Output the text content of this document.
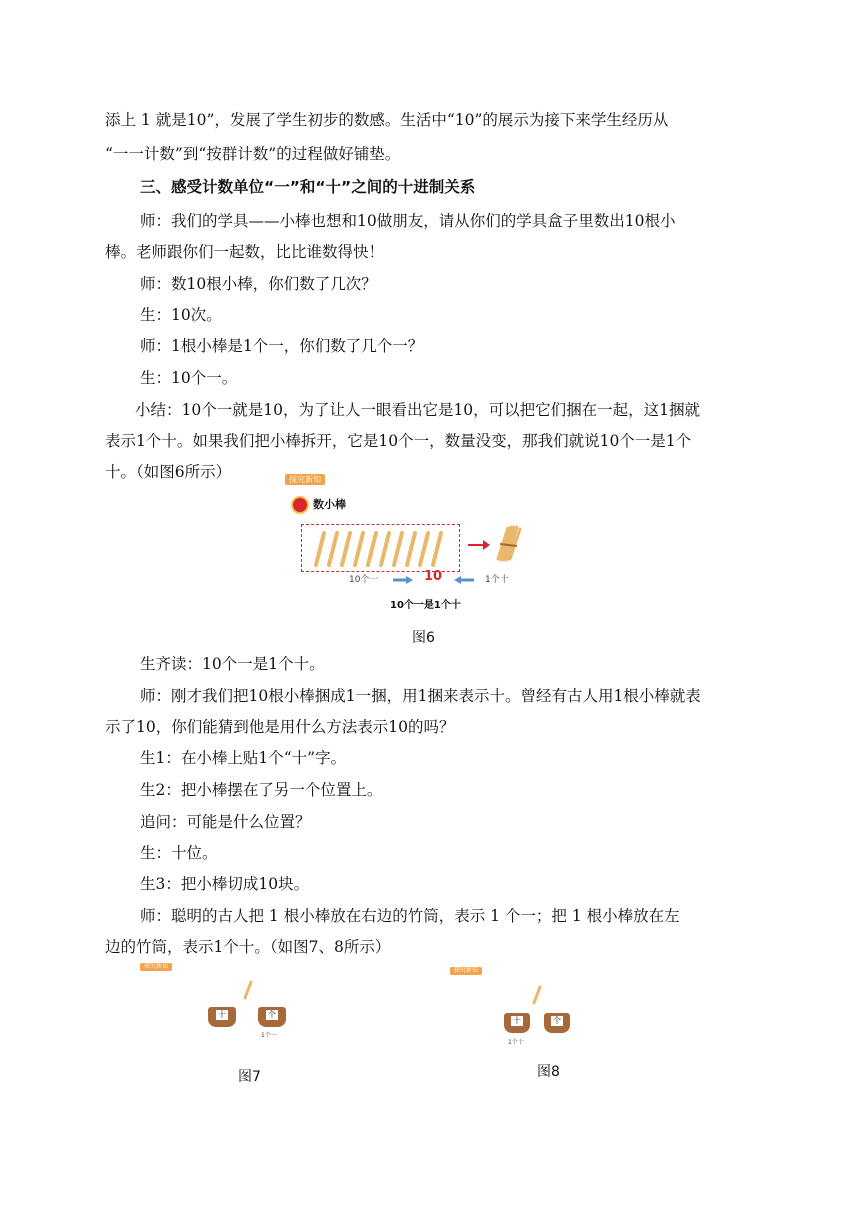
添上 1 就是10”，发展了学生初步的数感。生活中“10”的展示为接下来学生经历从
“一一计数”到“按群计数”的过程做好铺垫。
三、感受计数单位“一”和“十”之间的十进制关系
师：我们的学具——小棒也想和10做朋友，请从你们的学具盒子里数出10根小
棒。老师跟你们一起数，比比谁数得快！
师：数10根小棒，你们数了几次？
生：10次。
师：1根小棒是1个一，你们数了几个一？
生：10个一。
小结：10个一就是10，为了让人一眼看出它是10，可以把它们捆在一起，这1捆就
表示1个十。如果我们把小棒拆开，它是10个一，数量没变，那我们就说10个一是1个
十。（如图6所示）	探究新知
数小棒
10个一	10	1个十
10个一是1个十
图6
生齐读：10个一是1个十。
师：刚才我们把10根小棒捆成1一捆，用1捆来表示十。曾经有古人用1根小棒就表
示了10，你们能猜到他是用什么方法表示10的吗？
生1：在小棒上贴1个“十”字。
生2：把小棒摆在了另一个位置上。
追问：可能是什么位置？
生：十位。
生3：把小棒切成10块。
师：聪明的古人把 1 根小棒放在右边的竹筒，表示 1 个一；把 1 根小棒放在左
边的竹筒，表示1个十。（如图7、8所示）
探究新知
十	个
1个一
图7
探究新知
十	个
1个十
图8
